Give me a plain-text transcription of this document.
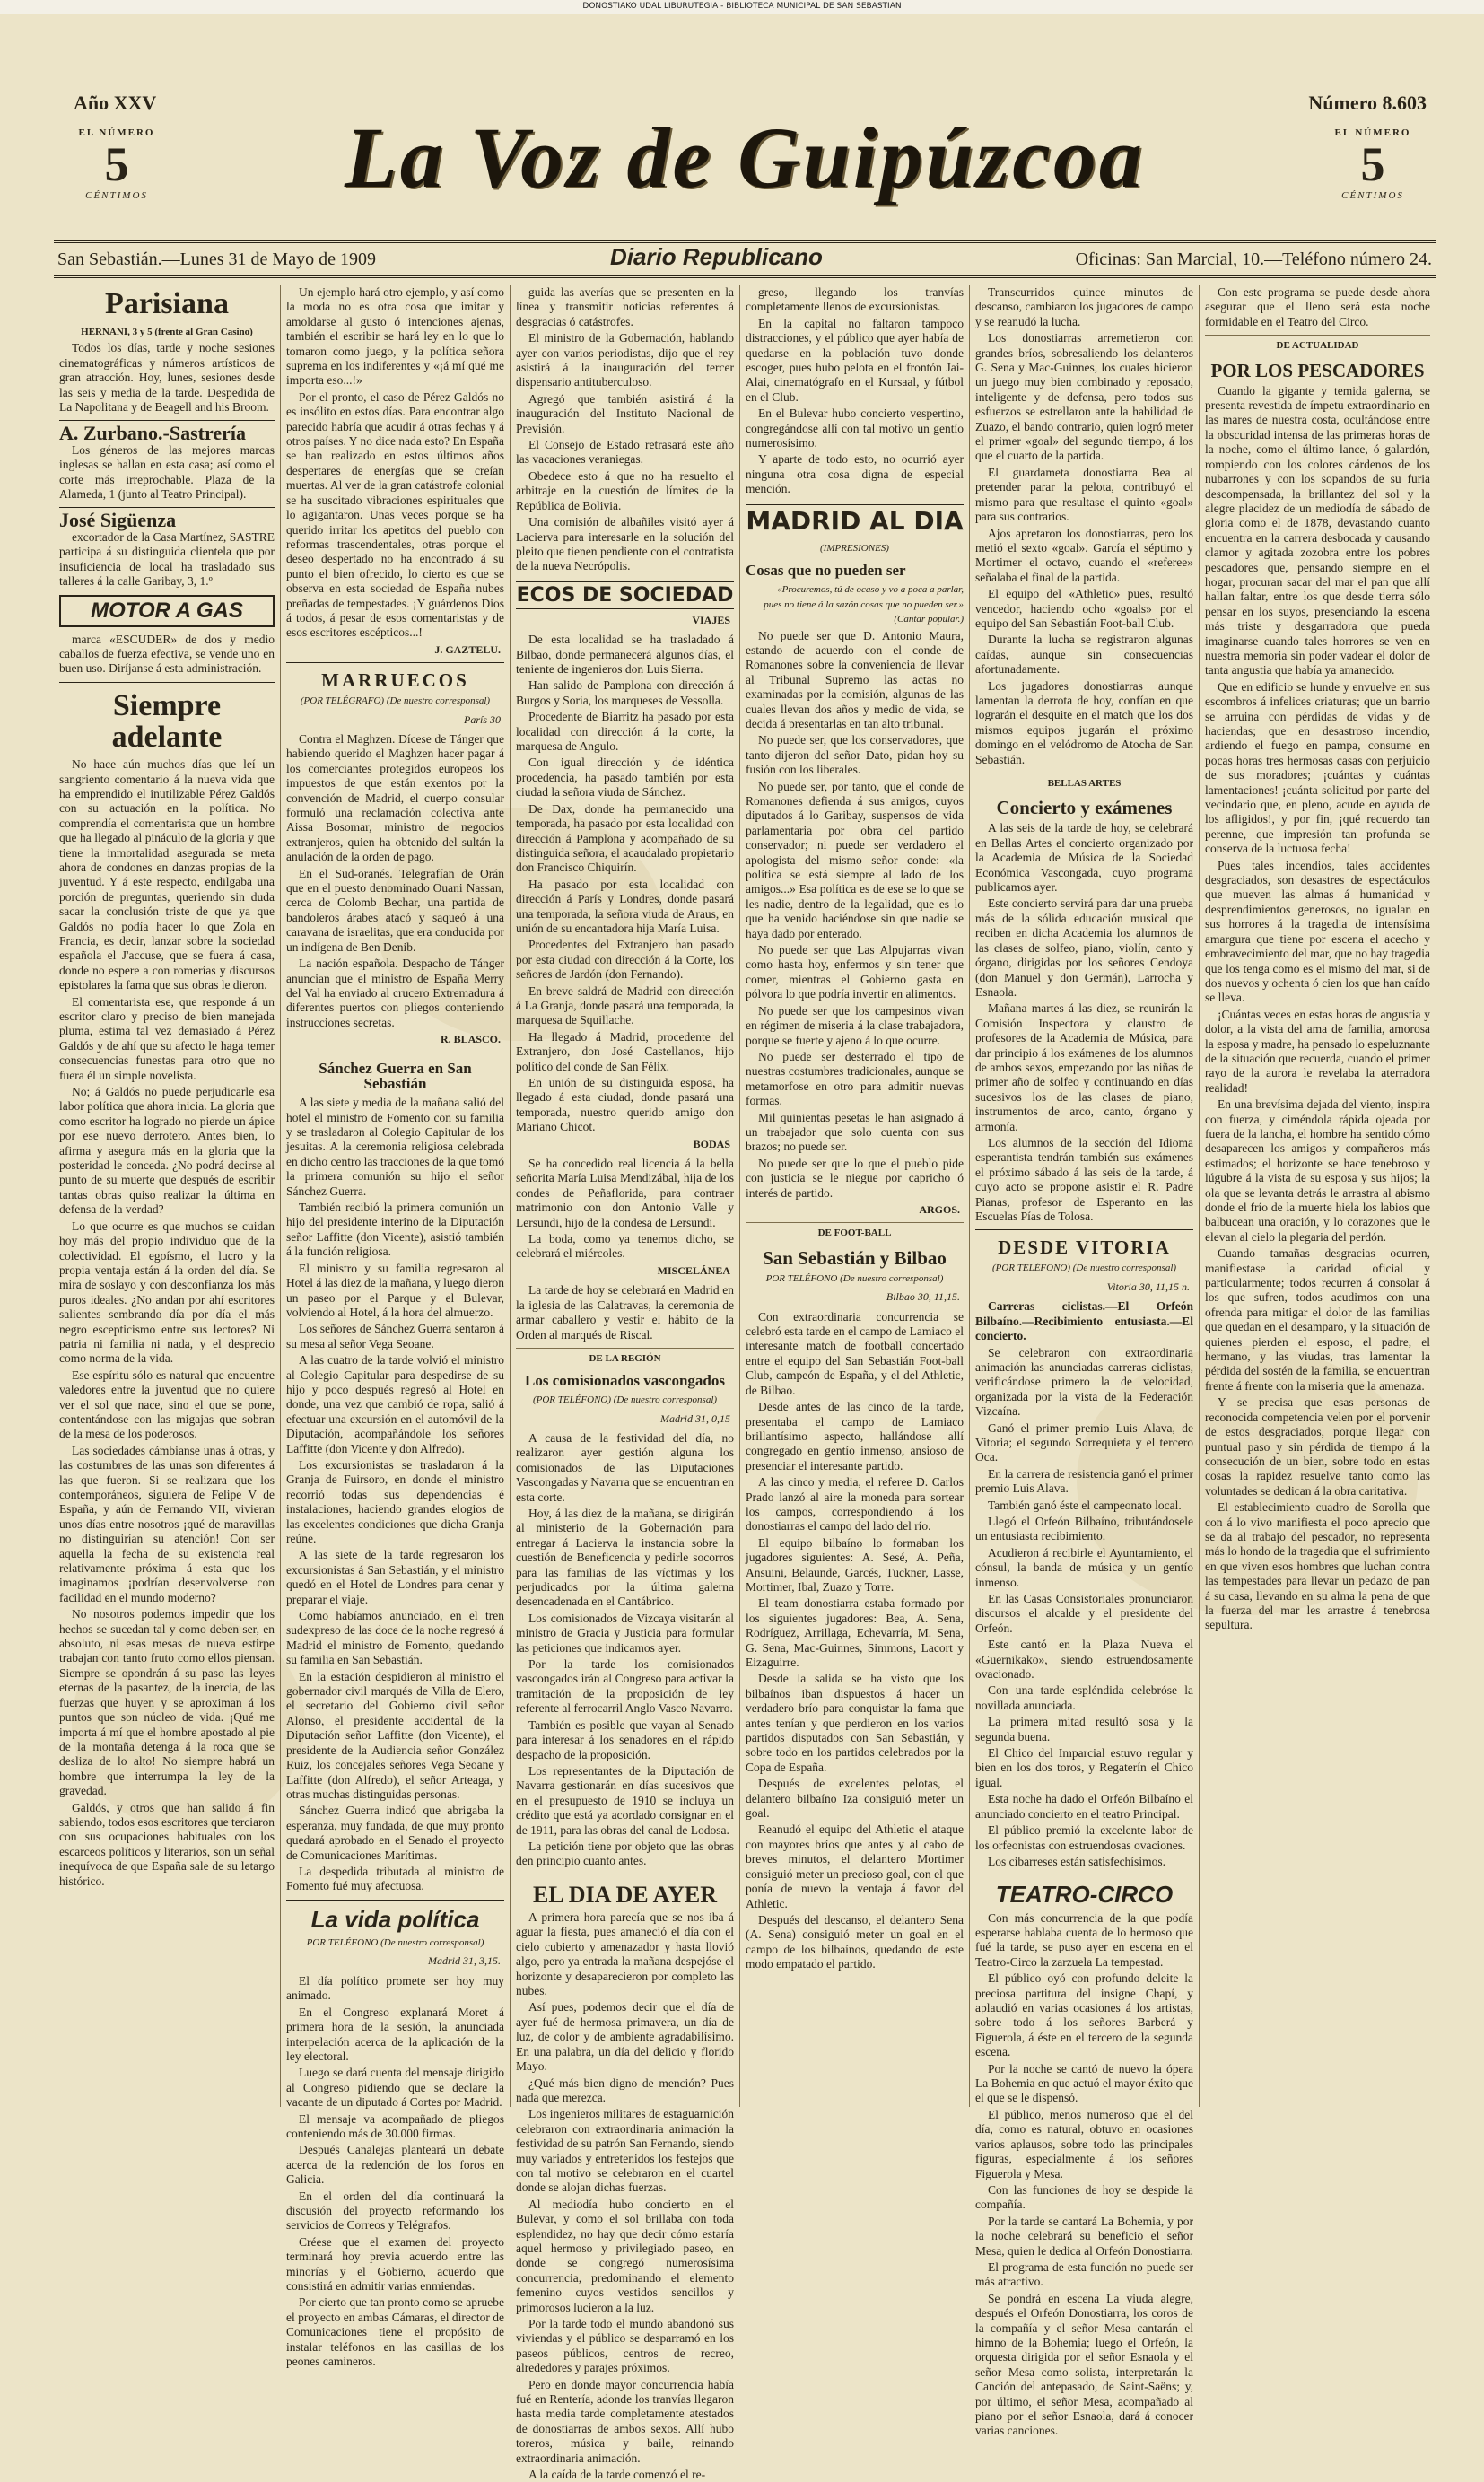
DONOSTIAKO UDAL LIBURUTEGIA - BIBLIOTECA MUNICIPAL DE SAN SEBASTIAN
Año XXV	Número 8.603
EL NÚMERO
5
CÉNTIMOS	La Voz de Guipúzcoa	EL NÚMERO
5
CÉNTIMOS
San Sebastián.—Lunes 31 de Mayo de 1909	Diario Republicano	Oficinas: San Marcial, 10.—Teléfono número 24.
Parisiana

HERNANI, 3 y 5 (frente al Gran Casino)

Todos los días, tarde y noche sesiones cinematográficas y números artísticos de gran atracción. Hoy, lunes, sesiones desde las seis y media de la tarde. Despedida de La Napolitana y de Beagell and his Broom.

A. Zurbano.-Sastrería

Los géneros de las mejores marcas inglesas se hallan en esta casa; así como el corte más irreprochable. Plaza de la Alameda, 1 (junto al Teatro Principal).

José Sigüenza

excortador de la Casa Martínez, SASTRE participa á su distinguida clientela que por insuficiencia de local ha trasladado sus talleres á la calle Garibay, 3, 1.º

MOTOR A GAS

marca «ESCUDER» de dos y medio caballos de fuerza efectiva, se vende uno en buen uso. Diríjanse á esta administración.

Siempre adelante

No hace aún muchos días que leí un sangriento comentario á la nueva vida que ha emprendido el inutilizable Pérez Galdós con su actuación en la política. No comprendía el comentarista que un hombre que ha llegado al pináculo de la gloria y que tiene la inmortalidad asegurada se meta ahora de condones en danzas propias de la juventud. Y á este respecto, endilgaba una porción de preguntas, queriendo sin duda sacar la conclusión triste de que ya que Galdós no podía hacer lo que Zola en Francia, es decir, lanzar sobre la sociedad española el J'accuse, que se fuera á casa, donde no espere a con romerías y discursos epistolares la fama que sus obras le dieron.

El comentarista ese, que responde á un escritor claro y preciso de bien manejada pluma, estima tal vez demasiado á Pérez Galdós y de ahí que su afecto le haga temer consecuencias funestas para otro que no fuera él un simple novelista.

No; á Galdós no puede perjudicarle esa labor política que ahora inicia. La gloria que como escritor ha logrado no pierde un ápice por ese nuevo derrotero. Antes bien, lo afirma y asegura más en la gloria que la posteridad le conceda. ¿No podrá decirse al punto de su muerte que después de escribir tantas obras quiso realizar la última en defensa de la verdad?

Lo que ocurre es que muchos se cuidan hoy más del propio individuo que de la colectividad. El egoísmo, el lucro y la propia ventaja están á la orden del día. Se mira de soslayo y con desconfianza los más puros ideales. ¿No andan por ahí escritores salientes sembrando día por día el más negro escepticismo entre sus lectores? Ni patria ni familia ni nada, y el desprecio como norma de la vida.

Ese espíritu sólo es natural que encuentre valedores entre la juventud que no quiere ver el sol que nace, sino el que se pone, contentándose con las migajas que sobran de la mesa de los poderosos.

Las sociedades cámbianse unas á otras, y las costumbres de las unas son diferentes á las que fueron. Si se realizara que los contemporáneos, siguiera de Felipe V de España, y aún de Fernando VII, vivieran unos días entre nosotros ¡qué de maravillas no distinguirían su atención! Con ser aquella la fecha de su existencia real relativamente próxima á esta que los imaginamos ¡podrían desenvolverse con facilidad en el mundo moderno?

No nosotros podemos impedir que los hechos se sucedan tal y como deben ser, en absoluto, ni esas mesas de nueva estirpe trabajan con tanto fruto como ellos piensan. Siempre se opondrán á su paso las leyes eternas de la pasantez, de la inercia, de las fuerzas que huyen y se aproximan á los puntos que son núcleo de vida. ¡Qué me importa á mí que el hombre apostado al pie de la montaña detenga á la roca que se desliza de lo alto! No siempre habrá un hombre que interrumpa la ley de la gravedad.

Galdós, y otros que han salido á fin sabiendo, todos esos escritores que terciaron con sus ocupaciones habituales con los escarceos políticos y literarios, son un señal inequívoca de que España sale de su letargo histórico.

Un ejemplo hará otro ejemplo, y así como la moda no es otra cosa que imitar y amoldarse al gusto ó intenciones ajenas, también el escribir se hará ley en lo que lo tomaron como juego, y la política señora suprema en los indiferentes y «¡á mí qué me importa eso...!»

Por el pronto, el caso de Pérez Galdós no es insólito en estos días. Para encontrar algo parecido habría que acudir á otras fechas y á otros países. Y no dice nada esto? En España se han realizado en estos últimos años despertares de energías que se creían muertas. Al ver de la gran catástrofe colonial se ha suscitado vibraciones espirituales que lo agigantaron. Unas veces porque se ha querido irritar los apetitos del pueblo con reformas trascendentales, otras porque el deseo despertado no ha encontrado á su punto el bien ofrecido, lo cierto es que se observa en esta sociedad de España nubes preñadas de tempestades. ¡Y guárdenos Dios á todos, á pesar de esos comentaristas y de esos escritores escépticos...!

J. GAZTELU.
MARRUECOS
(POR TELÉGRAFO) (De nuestro corresponsal)
París 30

Contra el Maghzen. Dícese de Tánger que habiendo querido el Maghzen hacer pagar á los comerciantes protegidos europeos los impuestos de que están exentos por la convención de Madrid, el cuerpo consular formuló una reclamación colectiva ante Aissa Bosomar, ministro de negocios extranjeros, quien ha obtenido del sultán la anulación de la orden de pago.

En el Sud-oranés. Telegrafían de Orán que en el puesto denominado Ouani Nassan, cerca de Colomb Bechar, una partida de bandoleros árabes atacó y saqueó á una caravana de israelitas, que era conducida por un indígena de Ben Denib.

La nación española. Despacho de Tánger anuncian que el ministro de España Merry del Val ha enviado al crucero Extremadura á diferentes puertos con pliegos conteniendo instrucciones secretas.

R. BLASCO.
Sánchez Guerra en San Sebastián

A las siete y media de la mañana salió del hotel el ministro de Fomento con su familia y se trasladaron al Colegio Capitular de los jesuitas. A la ceremonia religiosa celebrada en dicho centro las tracciones de la que tomó la primera comunión su hijo el señor Sánchez Guerra.

También recibió la primera comunión un hijo del presidente interino de la Diputación señor Laffitte (don Vicente), asistió también á la función religiosa.

El ministro y su familia regresaron al Hotel á las diez de la mañana, y luego dieron un paseo por el Parque y el Bulevar, volviendo al Hotel, á la hora del almuerzo.

Los señores de Sánchez Guerra sentaron á su mesa al señor Vega Seoane.

A las cuatro de la tarde volvió el ministro al Colegio Capitular para despedirse de su hijo y poco después regresó al Hotel en donde, una vez que cambió de ropa, salió á efectuar una excursión en el automóvil de la Diputación, acompañándole los señores Laffitte (don Vicente y don Alfredo).

Los excursionistas se trasladaron á la Granja de Fuirsoro, en donde el ministro recorrió todas sus dependencias é instalaciones, haciendo grandes elogios de las excelentes condiciones que dicha Granja reúne.

A las siete de la tarde regresaron los excursionistas á San Sebastián, y el ministro quedó en el Hotel de Londres para cenar y preparar el viaje.

Como habíamos anunciado, en el tren sudexpreso de las doce de la noche regresó á Madrid el ministro de Fomento, quedando su familia en San Sebastián.

En la estación despidieron al ministro el gobernador civil marqués de Villa de Elero, el secretario del Gobierno civil señor Alonso, el presidente accidental de la Diputación señor Laffitte (don Vicente), el presidente de la Audiencia señor González Ruiz, los concejales señores Vega Seoane y Laffitte (don Alfredo), el señor Arteaga, y otras muchas distinguidas personas.

Sánchez Guerra indicó que abrigaba la esperanza, muy fundada, de que muy pronto quedará aprobado en el Senado el proyecto de Comunicaciones Marítimas.

La despedida tributada al ministro de Fomento fué muy afectuosa.

La vida política
POR TELÉFONO (De nuestro corresponsal)
Madrid 31, 3,15.

El día político promete ser hoy muy animado.

En el Congreso explanará Moret á primera hora de la sesión, la anunciada interpelación acerca de la aplicación de la ley electoral.

Luego se dará cuenta del mensaje dirigido al Congreso pidiendo que se declare la vacante de un diputado á Cortes por Madrid.

El mensaje va acompañado de pliegos conteniendo más de 30.000 firmas.

Después Canalejas planteará un debate acerca de la redención de los foros en Galicia.

En el orden del día continuará la discusión del proyecto reformando los servicios de Correos y Telégrafos.

Créese que el examen del proyecto terminará hoy previa acuerdo entre las minorías y el Gobierno, acuerdo que consistirá en admitir varias enmiendas.

Por cierto que tan pronto como se apruebe el proyecto en ambas Cámaras, el director de Comunicaciones tiene el propósito de instalar teléfonos en las casillas de los peones camineros.

guida las averías que se presenten en la línea y transmitir noticias referentes á desgracias ó catástrofes.

El ministro de la Gobernación, hablando ayer con varios periodistas, dijo que el rey asistirá á la inauguración del tercer dispensario antituberculoso.

Agregó que también asistirá á la inauguración del Instituto Nacional de Previsión.

El Consejo de Estado retrasará este año las vacaciones veraniegas.

Obedece esto á que no ha resuelto el arbitraje en la cuestión de límites de la República de Bolivia.

Una comisión de albañiles visitó ayer á Lacierva para interesarle en la solución del pleito que tienen pendiente con el contratista de la nueva Necrópolis.

ECOS DE SOCIEDAD
VIAJES

De esta localidad se ha trasladado á Bilbao, donde permanecerá algunos días, el teniente de ingenieros don Luis Sierra.

Han salido de Pamplona con dirección á Burgos y Soria, los marqueses de Vessolla.

Procedente de Biarritz ha pasado por esta localidad con dirección á la corte, la marquesa de Angulo.

Con igual dirección y de idéntica procedencia, ha pasado también por esta ciudad la señora viuda de Sánchez.

De Dax, donde ha permanecido una temporada, ha pasado por esta localidad con dirección á Pamplona y acompañado de su distinguida señora, el acaudalado propietario don Francisco Chiquirín.

Ha pasado por esta localidad con dirección á París y Londres, donde pasará una temporada, la señora viuda de Araus, en unión de su encantadora hija María Luisa.

Procedentes del Extranjero han pasado por esta ciudad con dirección á la Corte, los señores de Jardón (don Fernando).

En breve saldrá de Madrid con dirección á La Granja, donde pasará una temporada, la marquesa de Squillache.

Ha llegado á Madrid, procedente del Extranjero, don José Castellanos, hijo político del conde de San Félix.

En unión de su distinguida esposa, ha llegado á esta ciudad, donde pasará una temporada, nuestro querido amigo don Mariano Chicot.

BODAS

Se ha concedido real licencia á la bella señorita María Luisa Mendizábal, hija de los condes de Peñaflorida, para contraer matrimonio con don Antonio Valle y Lersundi, hijo de la condesa de Lersundi.

La boda, como ya tenemos dicho, se celebrará el miércoles.

MISCELÁNEA

La tarde de hoy se celebrará en Madrid en la iglesia de las Calatravas, la ceremonia de armar caballero y vestir el hábito de la Orden al marqués de Riscal.

DE LA REGIÓN
Los comisionados vascongados
(POR TELÉFONO) (De nuestro corresponsal)
Madrid 31, 0,15

A causa de la festividad del día, no realizaron ayer gestión alguna los comisionados de las Diputaciones Vascongadas y Navarra que se encuentran en esta corte.

Hoy, á las diez de la mañana, se dirigirán al ministerio de la Gobernación para entregar á Lacierva la instancia sobre la cuestión de Beneficencia y pedirle socorros para las familias de las víctimas y los perjudicados por la última galerna desencadenada en el Cantábrico.

Los comisionados de Vizcaya visitarán al ministro de Gracia y Justicia para formular las peticiones que indicamos ayer.

Por la tarde los comisionados vascongados irán al Congreso para activar la tramitación de la proposición de ley referente al ferrocarril Anglo Vasco Navarro.

También es posible que vayan al Senado para interesar á los senadores en el rápido despacho de la proposición.

Los representantes de la Diputación de Navarra gestionarán en días sucesivos que en el presupuesto de 1910 se incluya un crédito que está ya acordado consignar en el de 1911, para las obras del canal de Lodosa.

La petición tiene por objeto que las obras den principio cuanto antes.

EL DIA DE AYER

A primera hora parecía que se nos iba á aguar la fiesta, pues amaneció el día con el cielo cubierto y amenazador y hasta llovió algo, pero ya entrada la mañana despejóse el horizonte y desaparecieron por completo las nubes.

Así pues, podemos decir que el día de ayer fué de hermosa primavera, un día de luz, de color y de ambiente agradabilísimo. En una palabra, un día del delicio y florido Mayo.

¿Qué más bien digno de mención? Pues nada que merezca.

Los ingenieros militares de estaguarnición celebraron con extraordinaria animación la festividad de su patrón San Fernando, siendo muy variados y entretenidos los festejos que con tal motivo se celebraron en el cuartel donde se alojan dichas fuerzas.

Al mediodía hubo concierto en el Bulevar, y como el sol brillaba con toda esplendidez, no hay que decir cómo estaría aquel hermoso y privilegiado paseo, en donde se congregó numerosísima concurrencia, predominando el elemento femenino cuyos vestidos sencillos y primorosos lucieron a la luz.

Por la tarde todo el mundo abandonó sus viviendas y el público se desparramó en los paseos públicos, centros de recreo, alrededores y parajes próximos.

Pero en donde mayor concurrencia había fué en Rentería, adonde los tranvías llegaron hasta media tarde completamente atestados de donostiarras de ambos sexos. Allí hubo toreros, música y baile, reinando extraordinaria animación.

A la caída de la tarde comenzó el re-

greso, llegando los tranvías completamente llenos de excursionistas.

En la capital no faltaron tampoco distracciones, y el público que ayer había de quedarse en la población tuvo donde escoger, pues hubo pelota en el frontón Jai-Alai, cinematógrafo en el Kursaal, y fútbol en el Club.

En el Bulevar hubo concierto vespertino, congregándose allí con tal motivo un gentío numerosísimo.

Y aparte de todo esto, no ocurrió ayer ninguna otra cosa digna de especial mención.

MADRID AL DIA
(IMPRESIONES)
Cosas que no pueden ser

«Procuremos, tú de ocaso y vo a poca a parlar, pues no tiene á la sazón cosas que no pueden ser.» (Cantar popular.)

No puede ser que D. Antonio Maura, estando de acuerdo con el conde de Romanones sobre la conveniencia de llevar al Tribunal Supremo las actas no examinadas por la comisión, algunas de las cuales llevan dos años y medio de vida, se decida á presentarlas en tan alto tribunal.

No puede ser, que los conservadores, que tanto dijeron del señor Dato, pidan hoy su fusión con los liberales.

No puede ser, por tanto, que el conde de Romanones defienda á sus amigos, cuyos diputados á lo Garibay, suspensos de vida parlamentaria por obra del partido conservador; ni puede ser verdadero el apologista del mismo señor conde: «la política se está siempre al lado de los amigos...» Esa política es de ese se lo que se les nadie, dentro de la legalidad, que es lo que ha venido haciéndose sin que nadie se haya dado por enterado.

No puede ser que Las Alpujarras vivan como hasta hoy, enfermos y sin tener que comer, mientras el Gobierno gasta en pólvora lo que podría invertir en alimentos.

No puede ser que los campesinos vivan en régimen de miseria á la clase trabajadora, porque se fuerte y ajeno á lo que ocurre.

No puede ser desterrado el tipo de nuestras costumbres tradicionales, aunque se metamorfose en otro para admitir nuevas formas.

Mil quinientas pesetas le han asignado á un trabajador que solo cuenta con sus brazos; no puede ser.

No puede ser que lo que el pueblo pide con justicia se le niegue por capricho ó interés de partido.

ARGOS.
DE FOOT-BALL
San Sebastián y Bilbao
POR TELÉFONO (De nuestro corresponsal)
Bilbao 30, 11,15.

Con extraordinaria concurrencia se celebró esta tarde en el campo de Lamiaco el interesante match de football concertado entre el equipo del San Sebastián Foot-ball Club, campeón de España, y el del Athletic, de Bilbao.

Desde antes de las cinco de la tarde, presentaba el campo de Lamiaco brillantísimo aspecto, hallándose allí congregado en gentío inmenso, ansioso de presenciar el interesante partido.

A las cinco y media, el referee D. Carlos Prado lanzó al aire la moneda para sortear los campos, correspondiendo á los donostiarras el campo del lado del río.

El equipo bilbaíno lo formaban los jugadores siguientes: A. Sesé, A. Peña, Ansuini, Belaunde, Garcés, Tuckner, Lasse, Mortimer, Ibal, Zuazo y Torre.

El team donostiarra estaba formado por los siguientes jugadores: Bea, A. Sena, Rodríguez, Arrillaga, Echevarría, M. Sena, G. Sena, Mac-Guinnes, Simmons, Lacort y Eizaguirre.

Desde la salida se ha visto que los bilbaínos iban dispuestos á hacer un verdadero brío para conquistar la fama que antes tenían y que perdieron en los varios partidos disputados con San Sebastián, y sobre todo en los partidos celebrados por la Copa de España.

Después de excelentes pelotas, el delantero bilbaíno Iza consiguió meter un goal.

Reanudó el equipo del Athletic el ataque con mayores bríos que antes y al cabo de breves minutos, el delantero Mortimer consiguió meter un precioso goal, con el que ponía de nuevo la ventaja á favor del Athletic.

Después del descanso, el delantero Sena (A. Sena) consiguió meter un goal en el campo de los bilbaínos, quedando de este modo empatado el partido.

Transcurridos quince minutos de descanso, cambiaron los jugadores de campo y se reanudó la lucha.

Los donostiarras arremetieron con grandes bríos, sobresaliendo los delanteros G. Sena y Mac-Guinnes, los cuales hicieron un juego muy bien combinado y reposado, inteligente y de defensa, pero todos sus esfuerzos se estrellaron ante la habilidad de Zuazo, el bando contrario, quien logró meter el primer «goal» del segundo tiempo, á los que el cuarto de la partida.

El guardameta donostiarra Bea al pretender parar la pelota, contribuyó el mismo para que resultase el quinto «goal» para sus contrarios.

Ajos apretaron los donostiarras, pero los metió el sexto «goal». García el séptimo y Mortimer el octavo, cuando el «referee» señalaba el final de la partida.

El equipo del «Athletic» pues, resultó vencedor, haciendo ocho «goals» por el equipo del San Sebastián Foot-ball Club.

Durante la lucha se registraron algunas caídas, aunque sin consecuencias afortunadamente.

Los jugadores donostiarras aunque lamentan la derrota de hoy, confían en que lograrán el desquite en el match que los dos mismos equipos jugarán el próximo domingo en el velódromo de Atocha de San Sebastián.

BELLAS ARTES
Concierto y exámenes

A las seis de la tarde de hoy, se celebrará en Bellas Artes el concierto organizado por la Academia de Música de la Sociedad Económica Vascongada, cuyo programa publicamos ayer.

Este concierto servirá para dar una prueba más de la sólida educación musical que reciben en dicha Academia los alumnos de las clases de solfeo, piano, violín, canto y órgano, dirigidas por los señores Cendoya (don Manuel y don Germán), Larrocha y Esnaola.

Mañana martes á las diez, se reunirán la Comisión Inspectora y claustro de profesores de la Academia de Música, para dar principio á los exámenes de los alumnos de ambos sexos, empezando por las niñas de primer año de solfeo y continuando en días sucesivos los de las clases de piano, instrumentos de arco, canto, órgano y armonía.

Los alumnos de la sección del Idioma esperantista tendrán también sus exámenes el próximo sábado á las seis de la tarde, á cuyo acto se propone asistir el R. Padre Pianas, profesor de Esperanto en las Escuelas Pías de Tolosa.

DESDE VITORIA
(POR TELÉFONO) (De nuestro corresponsal)
Vitoria 30, 11,15 n.

Carreras ciclistas.—El Orfeón Bilbaíno.—Recibimiento entusiasta.—El concierto.

Se celebraron con extraordinaria animación las anunciadas carreras ciclistas, verificándose primero la de velocidad, organizada por la vista de la Federación Vizcaína.

Ganó el primer premio Luis Alava, de Vitoria; el segundo Sorrequieta y el tercero Oca.

En la carrera de resistencia ganó el primer premio Luis Alava.

También ganó éste el campeonato local.

Llegó el Orfeón Bilbaíno, tributándosele un entusiasta recibimiento.

Acudieron á recibirle el Ayuntamiento, el cónsul, la banda de música y un gentío inmenso.

En las Casas Consistoriales pronunciaron discursos el alcalde y el presidente del Orfeón.

Este cantó en la Plaza Nueva el «Guernikako», siendo estruendosamente ovacionado.

Con una tarde espléndida celebróse la novillada anunciada.

La primera mitad resultó sosa y la segunda buena.

El Chico del Imparcial estuvo regular y bien en los dos toros, y Regaterín el Chico igual.

Esta noche ha dado el Orfeón Bilbaíno el anunciado concierto en el teatro Principal.

El público premió la excelente labor de los orfeonistas con estruendosas ovaciones.

Los cibarreses están satisfechísimos.

TEATRO-CIRCO

Con más concurrencia de la que podía esperarse hablaba cuenta de lo hermoso que fué la tarde, se puso ayer en escena en el Teatro-Circo la zarzuela La tempestad.

El público oyó con profundo deleite la preciosa partitura del insigne Chapí, y aplaudió en varias ocasiones á los artistas, sobre todo á los señores Barberá y Figuerola, á éste en el tercero de la segunda escena.

Por la noche se cantó de nuevo la ópera La Bohemia en que actuó el mayor éxito que el que se le dispensó.

El público, menos numeroso que el del día, como es natural, obtuvo en ocasiones varios aplausos, sobre todo las principales figuras, especialmente á los señores Figuerola y Mesa.

Con las funciones de hoy se despide la compañía.

Por la tarde se cantará La Bohemia, y por la noche celebrará su beneficio el señor Mesa, quien le dedica al Orfeón Donostiarra.

El programa de esta función no puede ser más atractivo.

Se pondrá en escena La viuda alegre, después el Orfeón Donostiarra, los coros de la compañía y el señor Mesa cantarán el himno de la Bohemia; luego el Orfeón, la orquesta dirigida por el señor Esnaola y el señor Mesa como solista, interpretarán la Canción del antepasado, de Saint-Saëns; y, por último, el señor Mesa, acompañado al piano por el señor Esnaola, dará á conocer varias canciones.

Con este programa se puede desde ahora asegurar que el lleno será esta noche formidable en el Teatro del Circo.

DE ACTUALIDAD
POR LOS PESCADORES

Cuando la gigante y temida galerna, se presenta revestida de ímpetu extraordinario en las mares de nuestra costa, ocultándose entre la obscuridad intensa de las primeras horas de la noche, como el último lance, ó galardón, rompiendo con los colores cárdenos de los nubarrones y con los sopandos de su furia descompensada, la brillantez del sol y la alegre placidez de un mediodía de sábado de gloria como el de 1878, devastando cuanto encuentra en la carrera desbocada y causando clamor y agitada zozobra entre los pobres pescadores que, pensando siempre en el hogar, procuran sacar del mar el pan que allí hallan faltar, entre los que desde tierra sólo pensar en los suyos, presenciando la escena más triste y desgarradora que pueda imaginarse cuando tales horrores se ven en nuestra memoria sin poder vadear el dolor de tanta angustia que había ya amanecido.

Que en edificio se hunde y envuelve en sus escombros á infelices criaturas; que un barrio se arruina con pérdidas de vidas y de haciendas; que en desastroso incendio, ardiendo el fuego en pampa, consume en pocas horas tres hermosas casas con perjuicio de sus moradores; ¡cuántas y cuántas lamentaciones! ¡cuánta solicitud por parte del vecindario que, en pleno, acude en ayuda de los afligidos!, y por fin, ¡qué recuerdo tan perenne, que impresión tan profunda se conserva de la luctuosa fecha!

Pues tales incendios, tales accidentes desgraciados, son desastres de espectáculos que mueven las almas á humanidad y desprendimientos generosos, no igualan en sus horrores á la tragedia de intensísima amargura que tiene por escena el acecho y embravecimiento del mar, que no hay tragedia que los tenga como es el mismo del mar, si de dos nuevos y ochenta ó cien los que han caído se lleva.

¡Cuántas veces en estas horas de angustia y dolor, a la vista del ama de familia, amorosa la esposa y madre, ha pensado lo espeluznante de la situación que recuerda, cuando el primer rayo de la aurora le revelaba la aterradora realidad!

En una brevísima dejada del viento, inspira con fuerza, y ciméndola rápida ojeada por fuera de la lancha, el hombre ha sentido cómo desaparecen los amigos y compañeros más estimados; el horizonte se hace tenebroso y lúgubre á la vista de su esposa y sus hijos; la ola que se levanta detrás le arrastra al abismo donde el frío de la muerte hiela los labios que balbucean una oración, y lo corazones que le elevan al cielo la plegaria del perdón.

Cuando tamañas desgracias ocurren, manifiestase la caridad oficial y particularmente; todos recurren á consolar á los que sufren, todos acudimos con una ofrenda para mitigar el dolor de las familias que quedan en el desamparo, y la situación de quienes pierden el esposo, el padre, el hermano, y las viudas, tras lamentar la pérdida del sostén de la familia, se encuentran frente á frente con la miseria que la amenaza.

Y se precisa que esas personas de reconocida competencia velen por el porvenir de estos desgraciados, porque llegar con puntual paso y sin pérdida de tiempo á la consecución de un bien, sobre todo en estas cosas la rapidez resuelve tanto como las voluntades se dedican á la obra caritativa.

El establecimiento cuadro de Sorolla que con á lo vivo manifiesta el poco aprecio que se da al trabajo del pescador, no representa más lo hondo de la tragedia que el sufrimiento en que viven esos hombres que luchan contra las tempestades para llevar un pedazo de pan á su casa, llevando en su alma la pena de que la fuerza del mar les arrastre á tenebrosa sepultura.
